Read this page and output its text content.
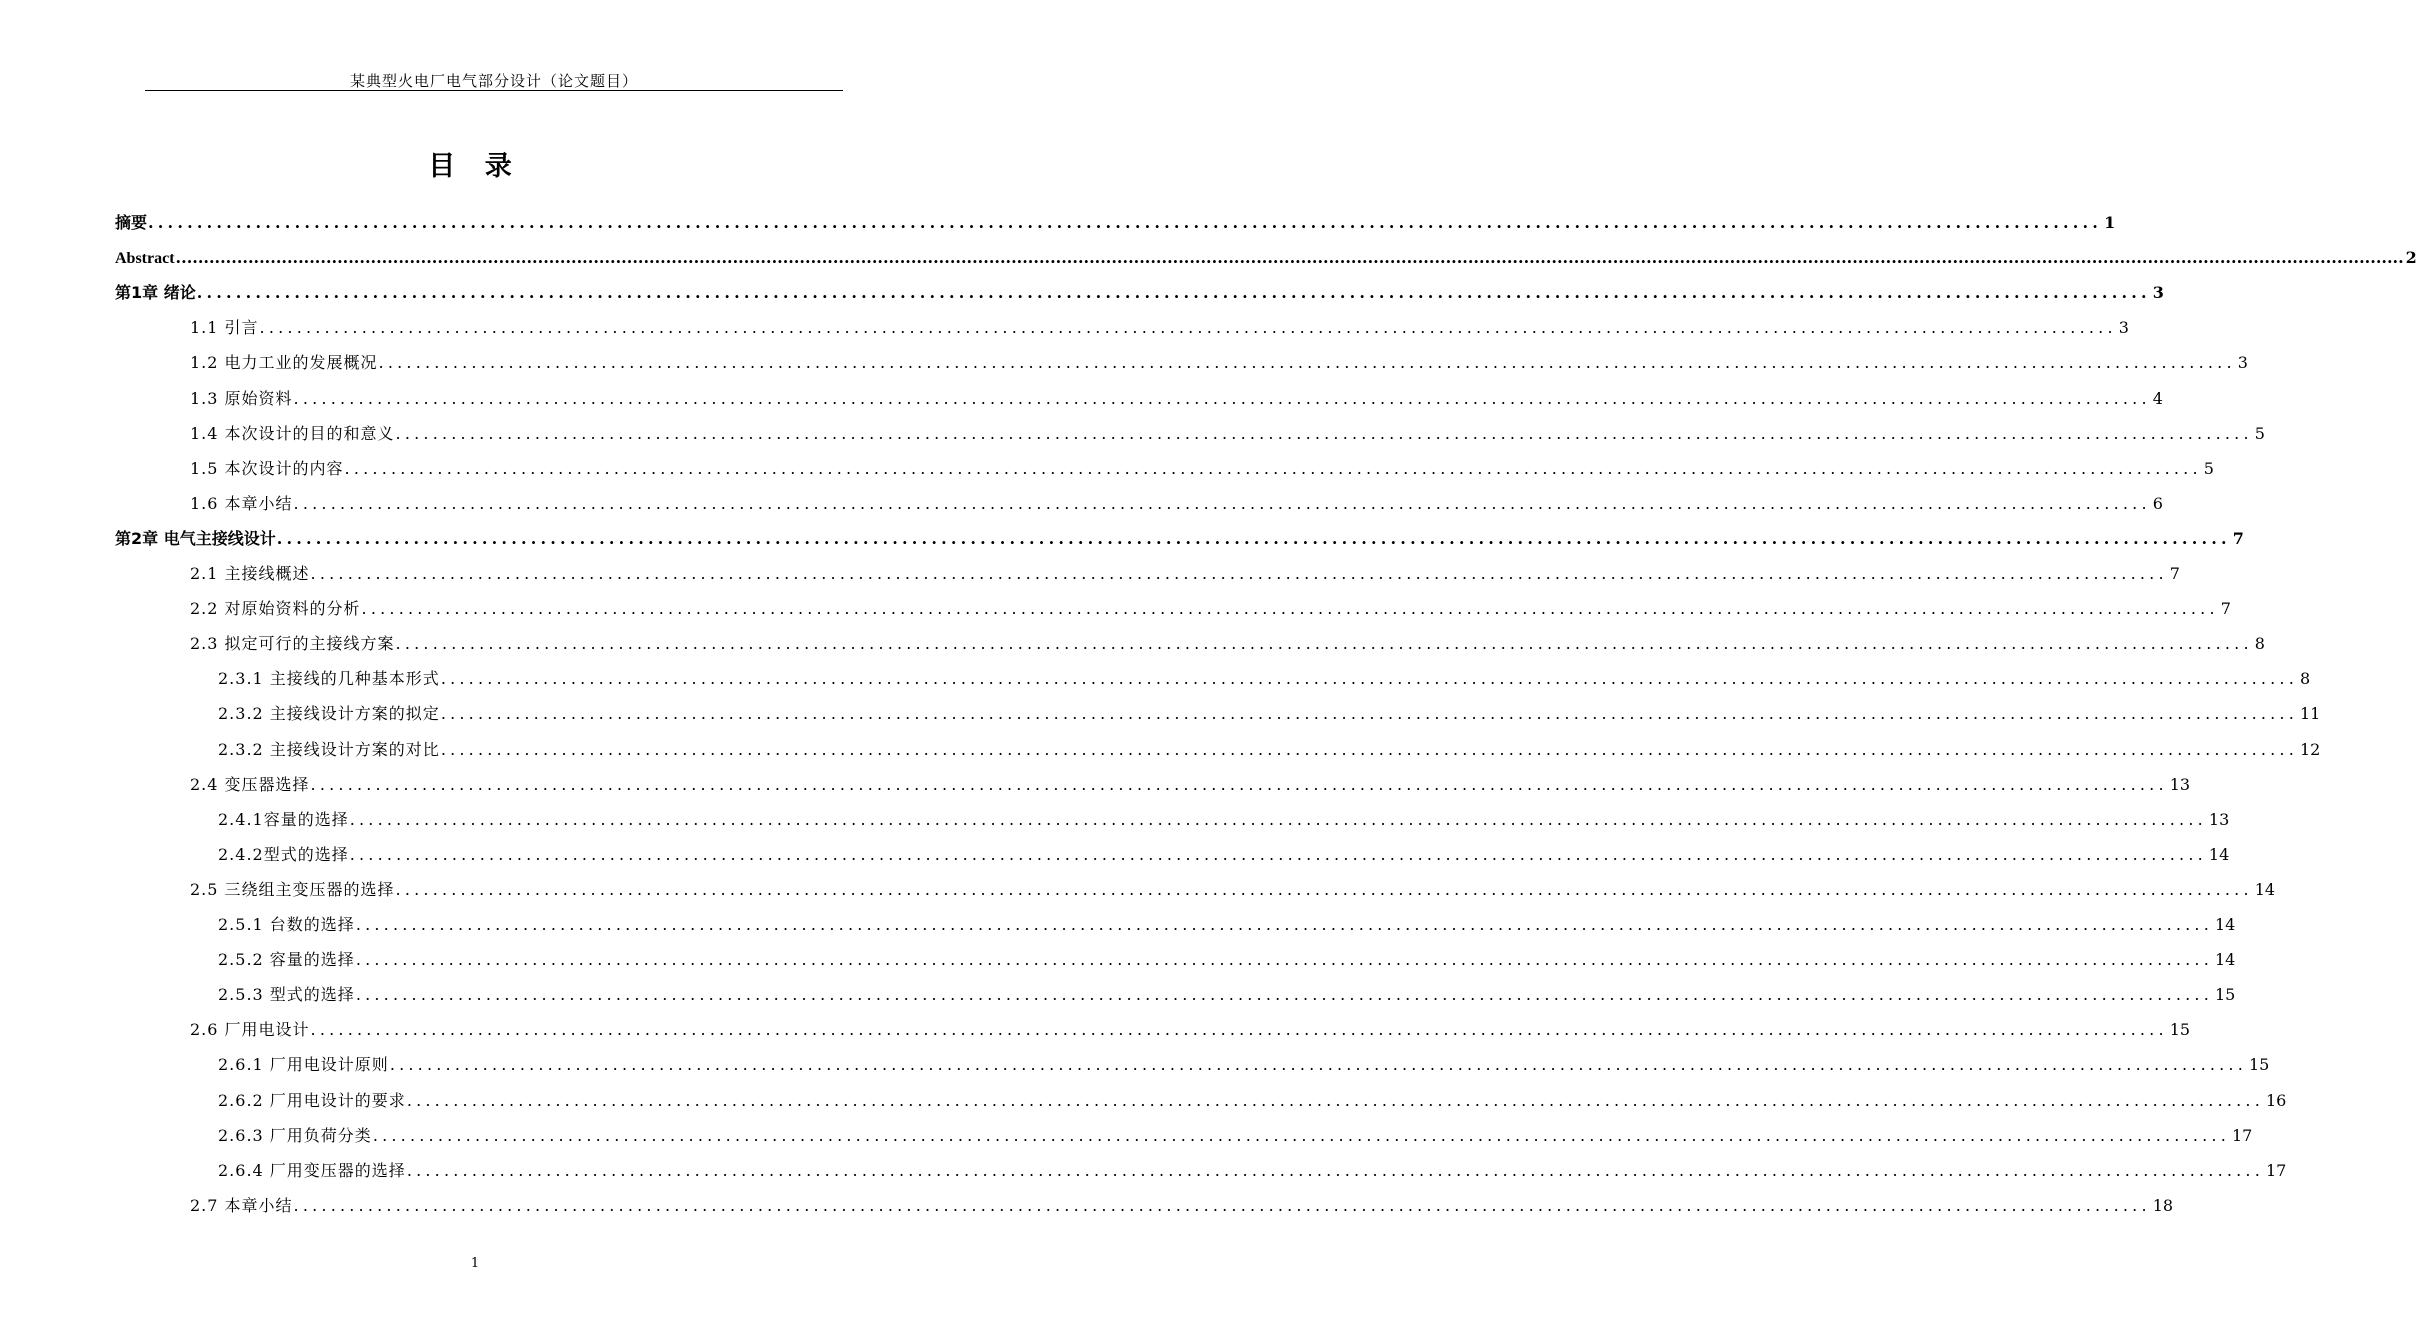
某典型火电厂电气部分设计（论文题目）
目 录
摘要 ........................................................................................................................................................................................................ 1
Abstract ................................................................................................................................................................................................................................................................................................................................................................................................................ 2
第1章 绪论 ........................................................................................................................................................................................................ 3
1.1 引言 ........................................................................................................................................................................................................ 3
1.2 电力工业的发展概况 ........................................................................................................................................................................................................ 3
1.3 原始资料 ........................................................................................................................................................................................................ 4
1.4 本次设计的目的和意义 ........................................................................................................................................................................................................ 5
1.5 本次设计的内容 ........................................................................................................................................................................................................ 5
1.6 本章小结 ........................................................................................................................................................................................................ 6
第2章 电气主接线设计 ........................................................................................................................................................................................................ 7
2.1 主接线概述 ........................................................................................................................................................................................................ 7
2.2 对原始资料的分析 ........................................................................................................................................................................................................ 7
2.3 拟定可行的主接线方案 ........................................................................................................................................................................................................ 8
2.3.1 主接线的几种基本形式 ........................................................................................................................................................................................................ 8
2.3.2 主接线设计方案的拟定 ........................................................................................................................................................................................................ 11
2.3.2 主接线设计方案的对比 ........................................................................................................................................................................................................ 12
2.4 变压器选择 ........................................................................................................................................................................................................ 13
2.4.1容量的选择 ........................................................................................................................................................................................................ 13
2.4.2型式的选择 ........................................................................................................................................................................................................ 14
2.5 三绕组主变压器的选择 ........................................................................................................................................................................................................ 14
2.5.1 台数的选择 ........................................................................................................................................................................................................ 14
2.5.2 容量的选择 ........................................................................................................................................................................................................ 14
2.5.3 型式的选择 ........................................................................................................................................................................................................ 15
2.6 厂用电设计 ........................................................................................................................................................................................................ 15
2.6.1 厂用电设计原则 ........................................................................................................................................................................................................ 15
2.6.2 厂用电设计的要求 ........................................................................................................................................................................................................ 16
2.6.3 厂用负荷分类 ........................................................................................................................................................................................................ 17
2.6.4 厂用变压器的选择 ........................................................................................................................................................................................................ 17
2.7 本章小结 ........................................................................................................................................................................................................ 18
1
